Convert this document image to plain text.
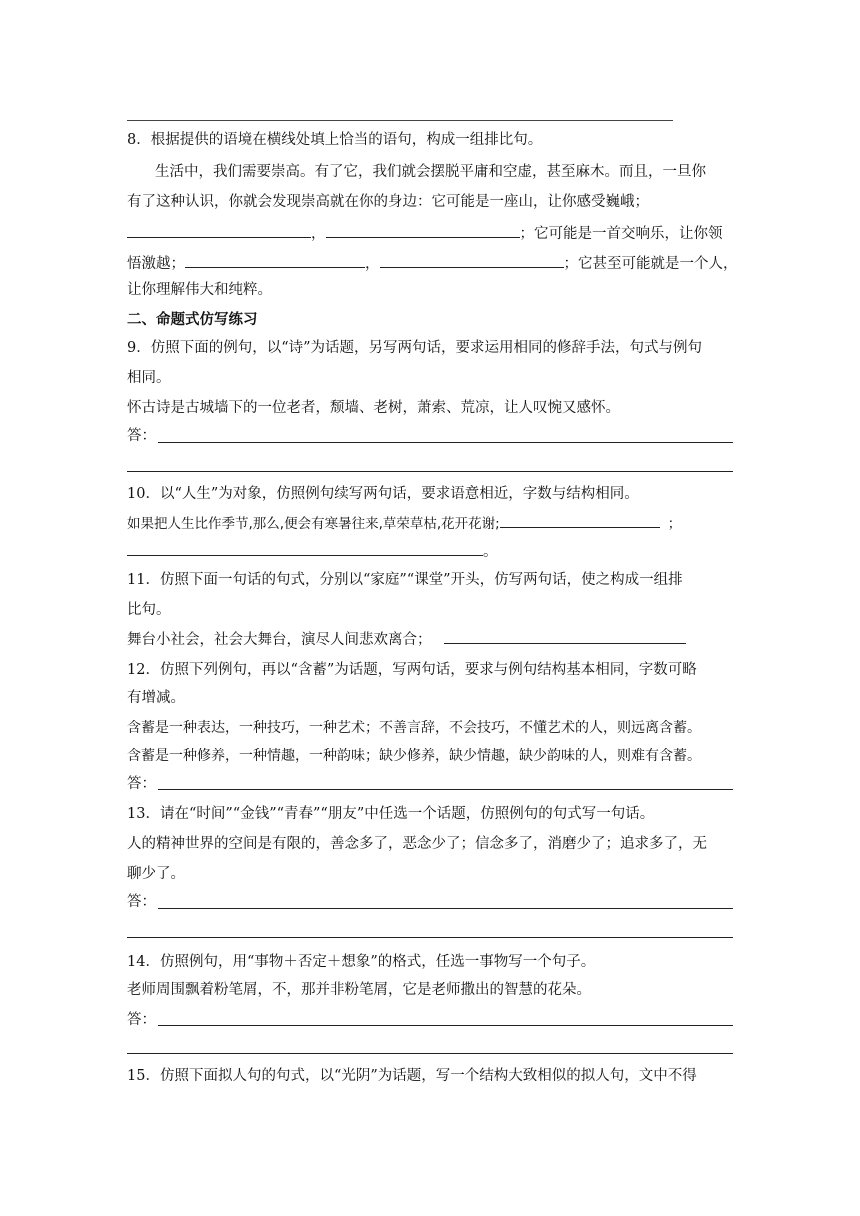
8．根据提供的语境在横线处填上恰当的语句，构成一组排比句。
生活中，我们需要崇高。有了它，我们就会摆脱平庸和空虚，甚至麻木。而且，一旦你
有了这种认识，你就会发现崇高就在你的身边：它可能是一座山，让你感受巍峨；
，	；它可能是一首交响乐，让你领
悟激越；	，	；它甚至可能就是一个人，
让你理解伟大和纯粹。
二、命题式仿写练习
9．仿照下面的例句，以“诗”为话题，另写两句话，要求运用相同的修辞手法，句式与例句
相同。
怀古诗是古城墙下的一位老者，颓墙、老树，萧索、荒凉，让人叹惋又感怀。
答：
10．以“人生”为对象，仿照例句续写两句话，要求语意相近，字数与结构相同。
如果把人生比作季节,那么,便会有寒暑往来,草荣草枯,花开花谢;	；
。
11．仿照下面一句话的句式，分别以“家庭”“课堂”开头，仿写两句话，使之构成一组排
比句。
舞台小社会，社会大舞台，演尽人间悲欢离合；
12．仿照下列例句，再以“含蓄”为话题，写两句话，要求与例句结构基本相同，字数可略
有增减。
含蓄是一种表达，一种技巧，一种艺术；不善言辞，不会技巧，不懂艺术的人，则远离含蓄。
含蓄是一种修养，一种情趣，一种韵味；缺少修养，缺少情趣，缺少韵味的人，则难有含蓄。
答：
13．请在“时间”“金钱”“青春”“朋友”中任选一个话题，仿照例句的句式写一句话。
人的精神世界的空间是有限的，善念多了，恶念少了；信念多了，消磨少了；追求多了，无
聊少了。
答：
14．仿照例句，用“事物＋否定＋想象”的格式，任选一事物写一个句子。
老师周围飘着粉笔屑，不，那并非粉笔屑，它是老师撒出的智慧的花朵。
答：
15．仿照下面拟人句的句式，以“光阴”为话题，写一个结构大致相似的拟人句，文中不得
